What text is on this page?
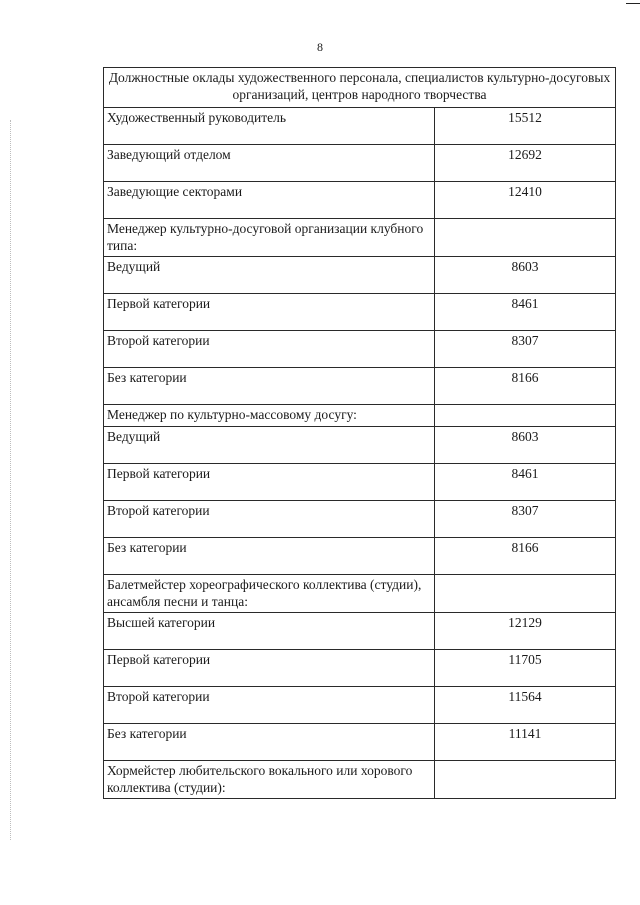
8
Должностные оклады художественного персонала, специалистов культурно-досуговых организаций, центров народного творчества	
Художественный руководитель	15512
Заведующий отделом	12692
Заведующие секторами	12410
Менеджер культурно-досуговой организации клубного типа:	
Ведущий	8603
Первой категории	8461
Второй категории	8307
Без категории	8166
Менеджер по культурно-массовому досугу:	
Ведущий	8603
Первой категории	8461
Второй категории	8307
Без категории	8166
Балетмейстер хореографического коллектива (студии), ансамбля песни и танца:	
Высшей категории	12129
Первой категории	11705
Второй категории	11564
Без категории	11141
Хормейстер любительского вокального или хорового коллектива (студии):	
